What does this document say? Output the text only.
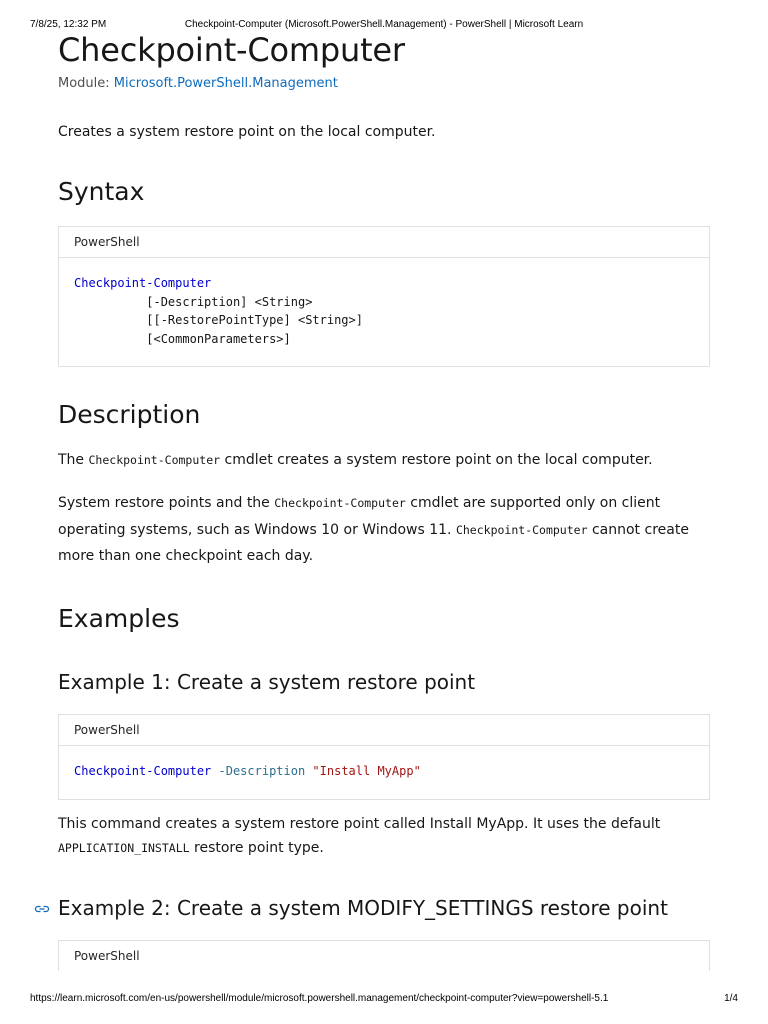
7/8/25, 12:32 PM	Checkpoint-Computer (Microsoft.PowerShell.Management) - PowerShell | Microsoft Learn
Checkpoint-Computer
Module: Microsoft.PowerShell.Management

Creates a system restore point on the local computer.

Syntax
PowerShell
Checkpoint-Computer
[-Description] <String>
[[-RestorePointType] <String>]
[<CommonParameters>]
Description

The Checkpoint-Computer cmdlet creates a system restore point on the local computer.

System restore points and the Checkpoint-Computer cmdlet are supported only on client operating systems, such as Windows 10 or Windows 11. Checkpoint-Computer cannot create more than one checkpoint each day.

Examples
Example 1: Create a system restore point
PowerShell
Checkpoint-Computer -Description "Install MyApp"

This command creates a system restore point called Install MyApp. It uses the default APPLICATION_INSTALL restore point type.

Example 2: Create a system MODIFY_SETTINGS restore point
PowerShell
https://learn.microsoft.com/en-us/powershell/module/microsoft.powershell.management/checkpoint-computer?view=powershell-5.1	1/4
